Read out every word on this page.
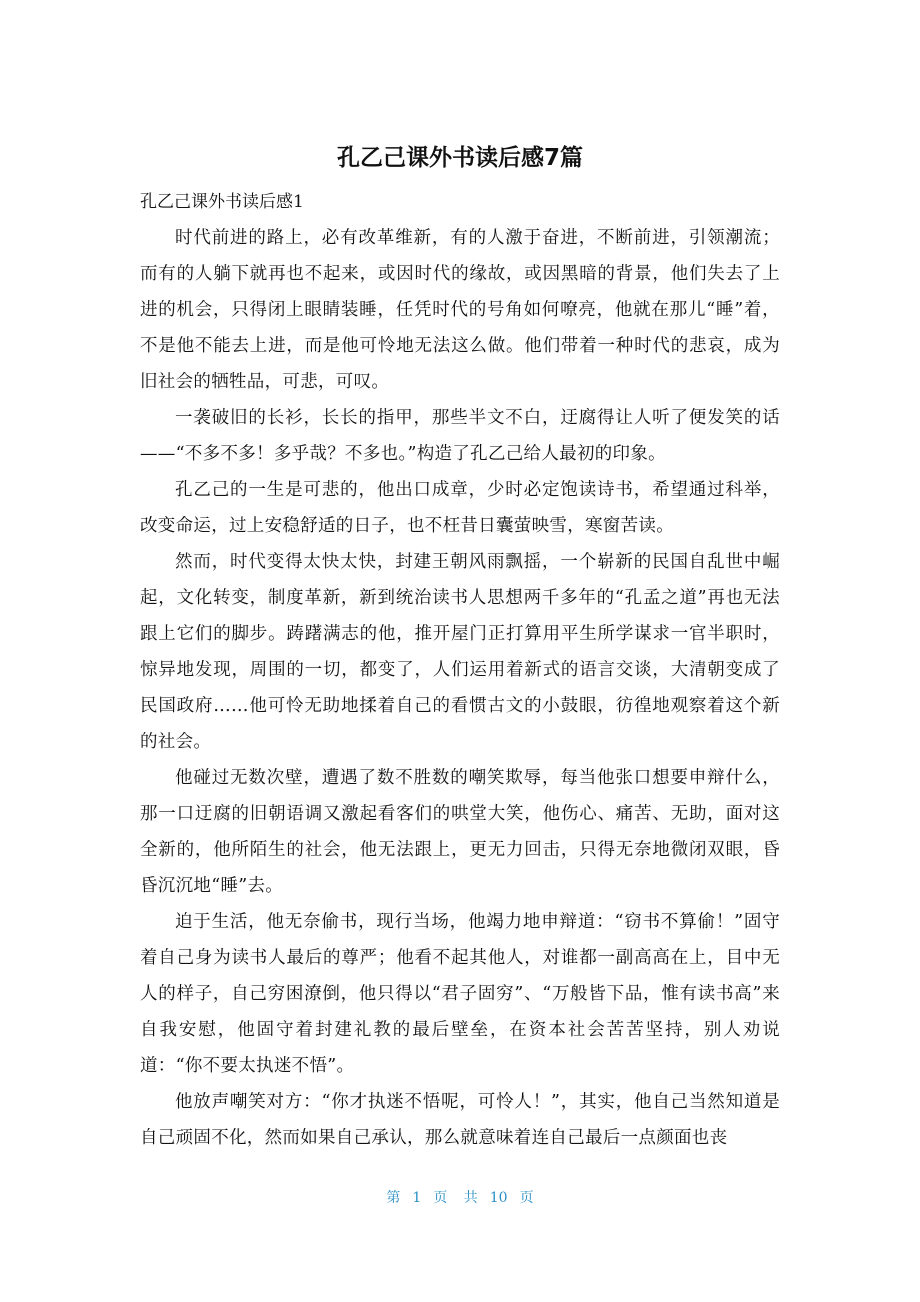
孔乙己课外书读后感7篇

孔乙己课外书读后感1

时代前进的路上，必有改革维新，有的人激于奋进，不断前进，引领潮流；而有的人躺下就再也不起来，或因时代的缘故，或因黑暗的背景，他们失去了上进的机会，只得闭上眼睛装睡，任凭时代的号角如何嘹亮，他就在那儿“睡”着，不是他不能去上进，而是他可怜地无法这么做。他们带着一种时代的悲哀，成为旧社会的牺牲品，可悲，可叹。

一袭破旧的长衫，长长的指甲，那些半文不白，迂腐得让人听了便发笑的话——“不多不多！多乎哉？不多也。”构造了孔乙己给人最初的印象。

孔乙己的一生是可悲的，他出口成章，少时必定饱读诗书，希望通过科举，改变命运，过上安稳舒适的日子，也不枉昔日囊萤映雪，寒窗苦读。

然而，时代变得太快太快，封建王朝风雨飘摇，一个崭新的民国自乱世中崛起，文化转变，制度革新，新到统治读书人思想两千多年的“孔孟之道”再也无法跟上它们的脚步。踌躇满志的他，推开屋门正打算用平生所学谋求一官半职时，惊异地发现，周围的一切，都变了，人们运用着新式的语言交谈，大清朝变成了民国政府……他可怜无助地揉着自己的看惯古文的小鼓眼，彷徨地观察着这个新的社会。

他碰过无数次壁，遭遇了数不胜数的嘲笑欺辱，每当他张口想要申辩什么，那一口迂腐的旧朝语调又激起看客们的哄堂大笑，他伤心、痛苦、无助，面对这全新的，他所陌生的社会，他无法跟上，更无力回击，只得无奈地微闭双眼，昏昏沉沉地“睡”去。

迫于生活，他无奈偷书，现行当场，他竭力地申辩道：“窃书不算偷！”固守着自己身为读书人最后的尊严；他看不起其他人，对谁都一副高高在上，目中无人的样子，自己穷困潦倒，他只得以“君子固穷”、“万般皆下品，惟有读书高”来自我安慰，他固守着封建礼教的最后壁垒，在资本社会苦苦坚持，别人劝说道：“你不要太执迷不悟”。

他放声嘲笑对方：“你才执迷不悟呢，可怜人！”，其实，他自己当然知道是自己顽固不化，然而如果自己承认，那么就意味着连自己最后一点颜面也丧

第 1 页 共 10 页
